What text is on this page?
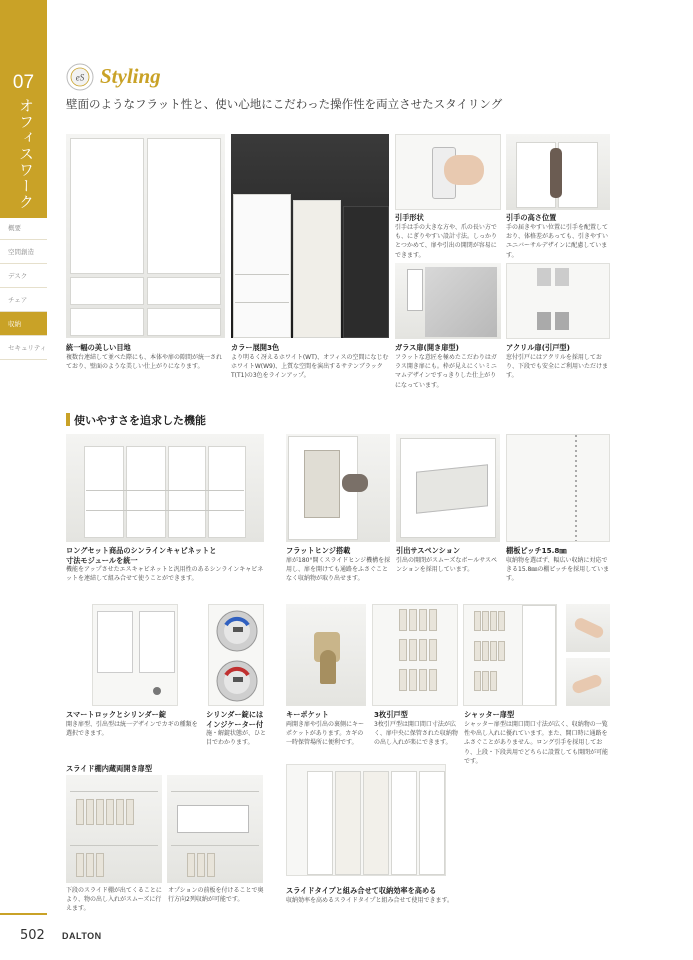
07
オフィスワーク
概要
空間創造
デスク
チェア
収納
セキュリティ
eS Styling
壁面のようなフラット性と、使い心地にこだわった操作性を両立させたスタイリング
引手形状
引手は手の大きな方や、爪の長い方でも、にぎりやすい設計寸法。しっかりとつかめて、扉や引出の開閉が容易にできます。
引手の高さ位置
手の届きやすい位置に引手を配置しており、体格差があっても、引きやすいユニバーサルデザインに配慮しています。
統一幅の美しい目地
複数台連結して並べた際にも、本体や扉の隙間が統一されており、壁面のような美しい仕上がりになります。
カラー展開3色
より明るく冴えるホワイト(WT)、オフィスの空間になじむホワイトW(W9)、上質な空間を演出するサテンブラックT(T1)の3色をラインアップ。
ガラス扉(開き扉型)
フラットな意匠を極めたこだわりはガラス開き扉にも。枠が見えにくいミニマムデザインですっきりした仕上がりになっています。
アクリル扉(引戸型)
窓付引戸にはアクリルを採用しており、下段でも安全にご利用いただけます。
使いやすさを追求した機能
ロングセット商品のシンラインキャビネットと
寸法モジュールを統一
機能をアップさせたエスキャビネットと汎用性のあるシンラインキャビネットを連結して組み合せて使うことができます。
フラットヒンジ搭載
扉が180°開くスライドヒンジ機構を採用し、扉を開けても通路をふさぐことなく収納物が取り出せます。
引出サスペンション
引出の開閉がスムーズなボールサスペンションを採用しています。
棚板ピッチ15.8㎜
収納物を選ばず、幅広い収納に対応できる15.8㎜の棚ピッチを採用しています。
スマートロックとシリンダー錠
開き扉型、引出型は統一デザインでカギの種類を選択できます。
シリンダー錠には
インジケーター付
施・解錠状態が、ひと目でわかります。
キーポケット
両開き扉や引出の裏側にキーポケットがあります。カギの一時保管場所に便利です。
3枚引戸型
3枚引戸型は開口間口寸法が広く、扉中央に保管された収納物の出し入れが楽にできます。
シャッター扉型
シャッター扉型は開口間口寸法が広く、収納物の一覧性や出し入れに優れています。また、開口時に通路をふさぐことがありません。ロング引手を採用しており、上段・下段共用でどちらに設置しても開閉が可能です。
スライド棚内蔵両開き扉型
下段のスライド棚が出てくることにより、物の出し入れがスムーズに行えます。
オプションの前板を付けることで奥行方向2列収納が可能です。
スライドタイプと組み合せて収納効率を高める
収納効率を高めるスライドタイプと組み合せて使用できます。
502 DALTON
